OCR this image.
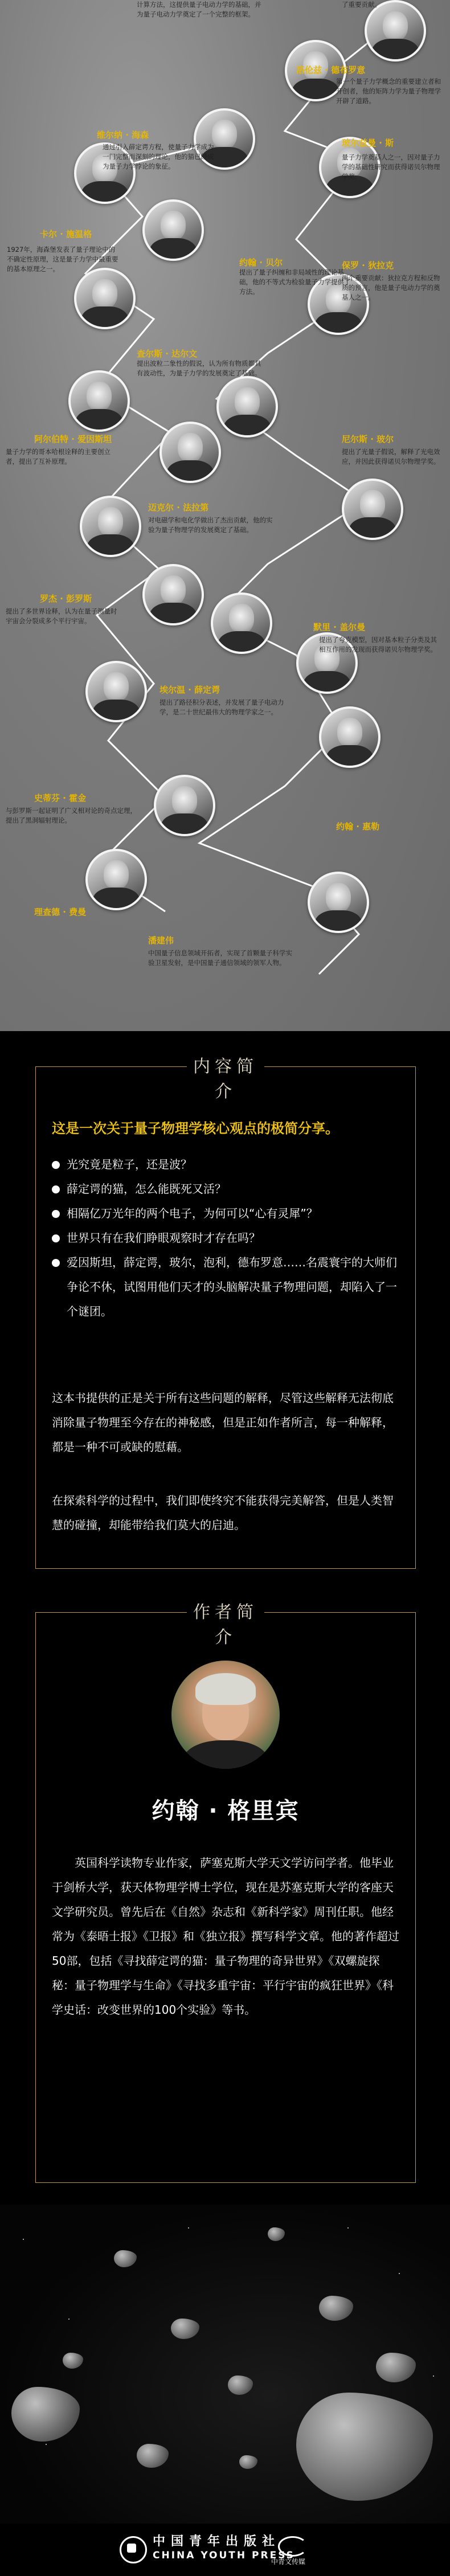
洛伦兹 · 德布罗意
维尔纳 · 海森
玻尔兹曼 · 斯
卡尔 · 施温格
约翰 · 贝尔	保罗 · 狄拉克
查尔斯 · 达尔文
阿尔伯特 · 爱因斯坦	尼尔斯 · 玻尔
迈克尔 · 法拉第
罗杰 · 彭罗斯
默里 · 盖尔曼
埃尔温 · 薛定谔
史蒂芬 · 霍金
约翰 · 惠勒
理查德 · 费曼
潘建伟
计算方法，这提供量子电动力学的基础，并为量子电动力学奠定了一个完整的框架。
了重要贡献。
第一个量子力学概念的重要建立者和开创者，他的矩阵力学为量子物理学开辟了道路。
通过引入薛定谔方程，使量子力学成为一门完整而深刻的理论，他的猫已经成为量子力学悖论的象征。
量子力学奠基人之一，因对量子力学的基础性研究而获得诺贝尔物理学奖。
1927年，海森堡发表了量子理论中的不确定性原理，这是量子力学中最重要的基本原理之一。	提出了量子纠缠和非局域性的理论基础，他的不等式为检验量子力学提供了方法。
两个重要贡献：狄拉克方程和反物质的预言，他是量子电动力学的奠基人之一。
提出波粒二象性的假说，认为所有物质都具有波动性，为量子力学的发展奠定了基础。
量子力学的哥本哈根诠释的主要创立者，提出了互补原理。
提出了光量子假说，解释了光电效应，并因此获得诺贝尔物理学奖。
对电磁学和电化学做出了杰出贡献，他的实验为量子物理学的发展奠定了基础。
提出了多世界诠释，认为在量子测量时宇宙会分裂成多个平行宇宙。
提出了夸克模型，因对基本粒子分类及其相互作用的发现而获得诺贝尔物理学奖。
提出了路径积分表述，并发展了量子电动力学，是二十世纪最伟大的物理学家之一。
与彭罗斯一起证明了广义相对论的奇点定理，提出了黑洞辐射理论。
中国量子信息领域开拓者，实现了首颗量子科学实验卫星发射，是中国量子通信领域的领军人物。
内容简介
这是一次关于量子物理学核心观点的极简分享。
光究竟是粒子，还是波？
薛定谔的猫，怎么能既死又活？
相隔亿万光年的两个电子，为何可以“心有灵犀”？
世界只有在我们睁眼观察时才存在吗？
爱因斯坦，薛定谔，玻尔，泡利，德布罗意……名震寰宇的大师们争论不休，试图用他们天才的头脑解决量子物理问题，却陷入了一个谜团。

这本书提供的正是关于所有这些问题的解释，尽管这些解释无法彻底消除量子物理至今存在的神秘感，但是正如作者所言，每一种解释，都是一种不可或缺的慰藉。

在探索科学的过程中，我们即使终究不能获得完美解答，但是人类智慧的碰撞，却能带给我们莫大的启迪。

作者简介
约翰 · 格里宾

英国科学读物专业作家，萨塞克斯大学天文学访问学者。他毕业于剑桥大学，获天体物理学博士学位，现在是苏塞克斯大学的客座天文学研究员。曾先后在《自然》杂志和《新科学家》周刊任职。他经常为《泰晤士报》《卫报》和《独立报》撰写科学文章。他的著作超过50部，包括《寻找薛定谔的猫：量子物理的奇异世界》《双螺旋探秘：量子物理学与生命》《寻找多重宇宙：平行宇宙的疯狂世界》《科学史话：改变世界的100个实验》等书。

中国青年出版社
CHINA YOUTH PRESS
中青文传媒
